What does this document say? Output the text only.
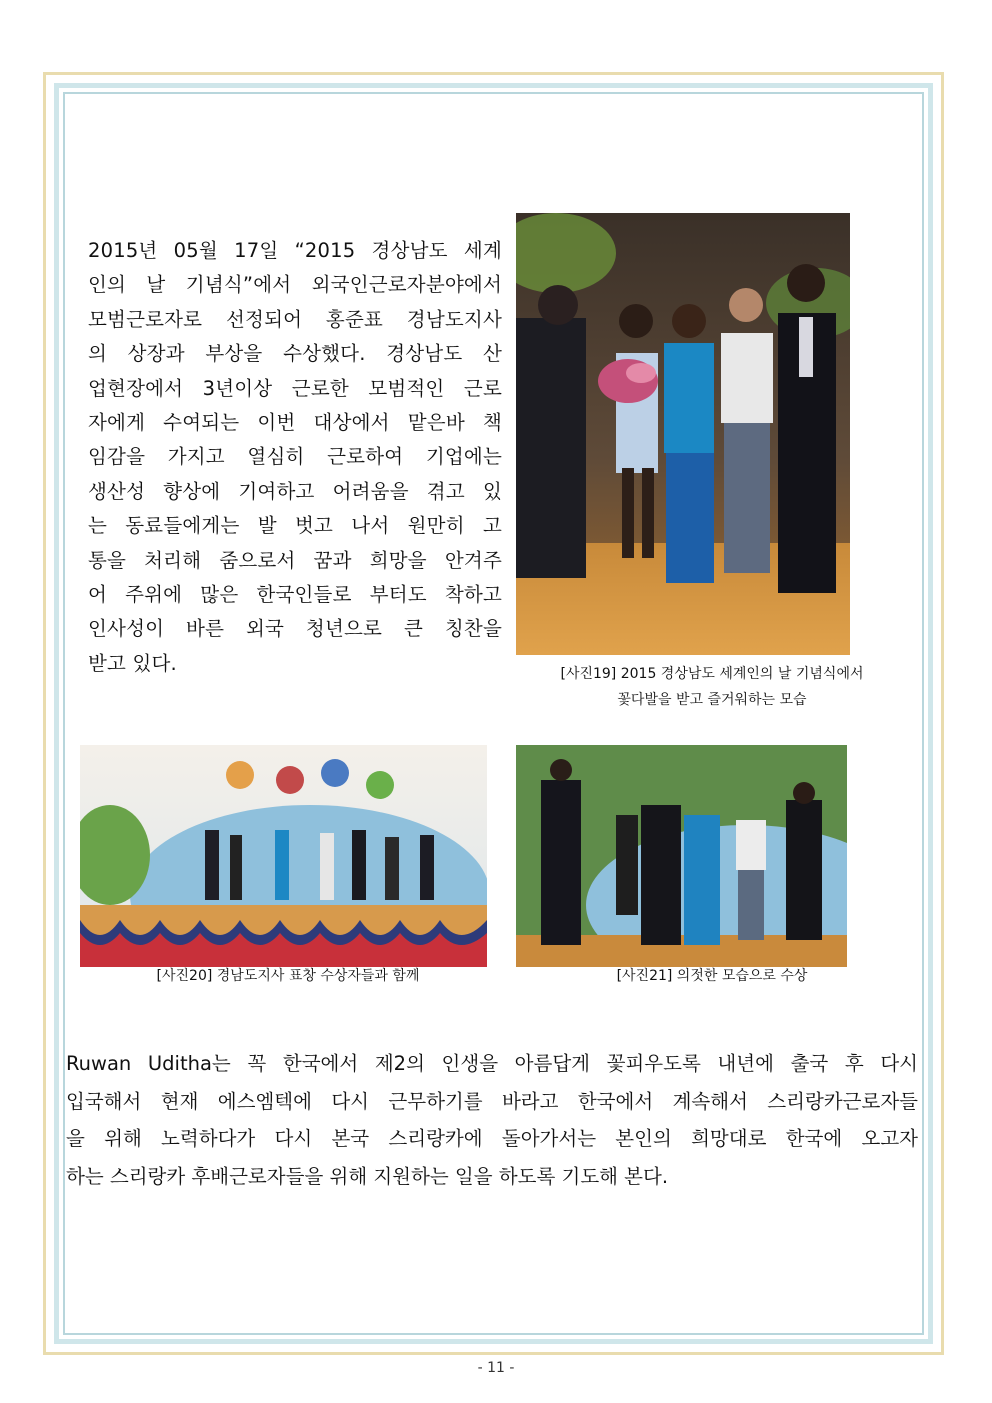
2015년 05월 17일 “2015 경상남도 세계
인의 날 기념식”에서 외국인근로자분야에서
모범근로자로 선정되어 홍준표 경남도지사
의 상장과 부상을 수상했다. 경상남도 산
업현장에서 3년이상 근로한 모범적인 근로
자에게 수여되는 이번 대상에서 맡은바 책
임감을 가지고 열심히 근로하여 기업에는
생산성 향상에 기여하고 어려움을 겪고 있
는 동료들에게는 발 벗고 나서 원만히 고
통을 처리해 줌으로서 꿈과 희망을 안겨주
어 주위에 많은 한국인들로 부터도 착하고
인사성이 바른 외국 청년으로 큰 칭찬을
받고 있다.	[사진19] 2015 경상남도 세계인의 날 기념식에서
꽃다발을 받고 즐거워하는 모습
[사진20] 경남도지사 표창 수상자들과 함께	[사진21] 의젓한 모습으로 수상
Ruwan Uditha는 꼭 한국에서 제2의 인생을 아름답게 꽃피우도록 내년에 출국 후 다시
입국해서 현재 에스엠텍에 다시 근무하기를 바라고 한국에서 계속해서 스리랑카근로자들
을 위해 노력하다가 다시 본국 스리랑카에 돌아가서는 본인의 희망대로 한국에 오고자
하는 스리랑카 후배근로자들을 위해 지원하는 일을 하도록 기도해 본다.
- 11 -
